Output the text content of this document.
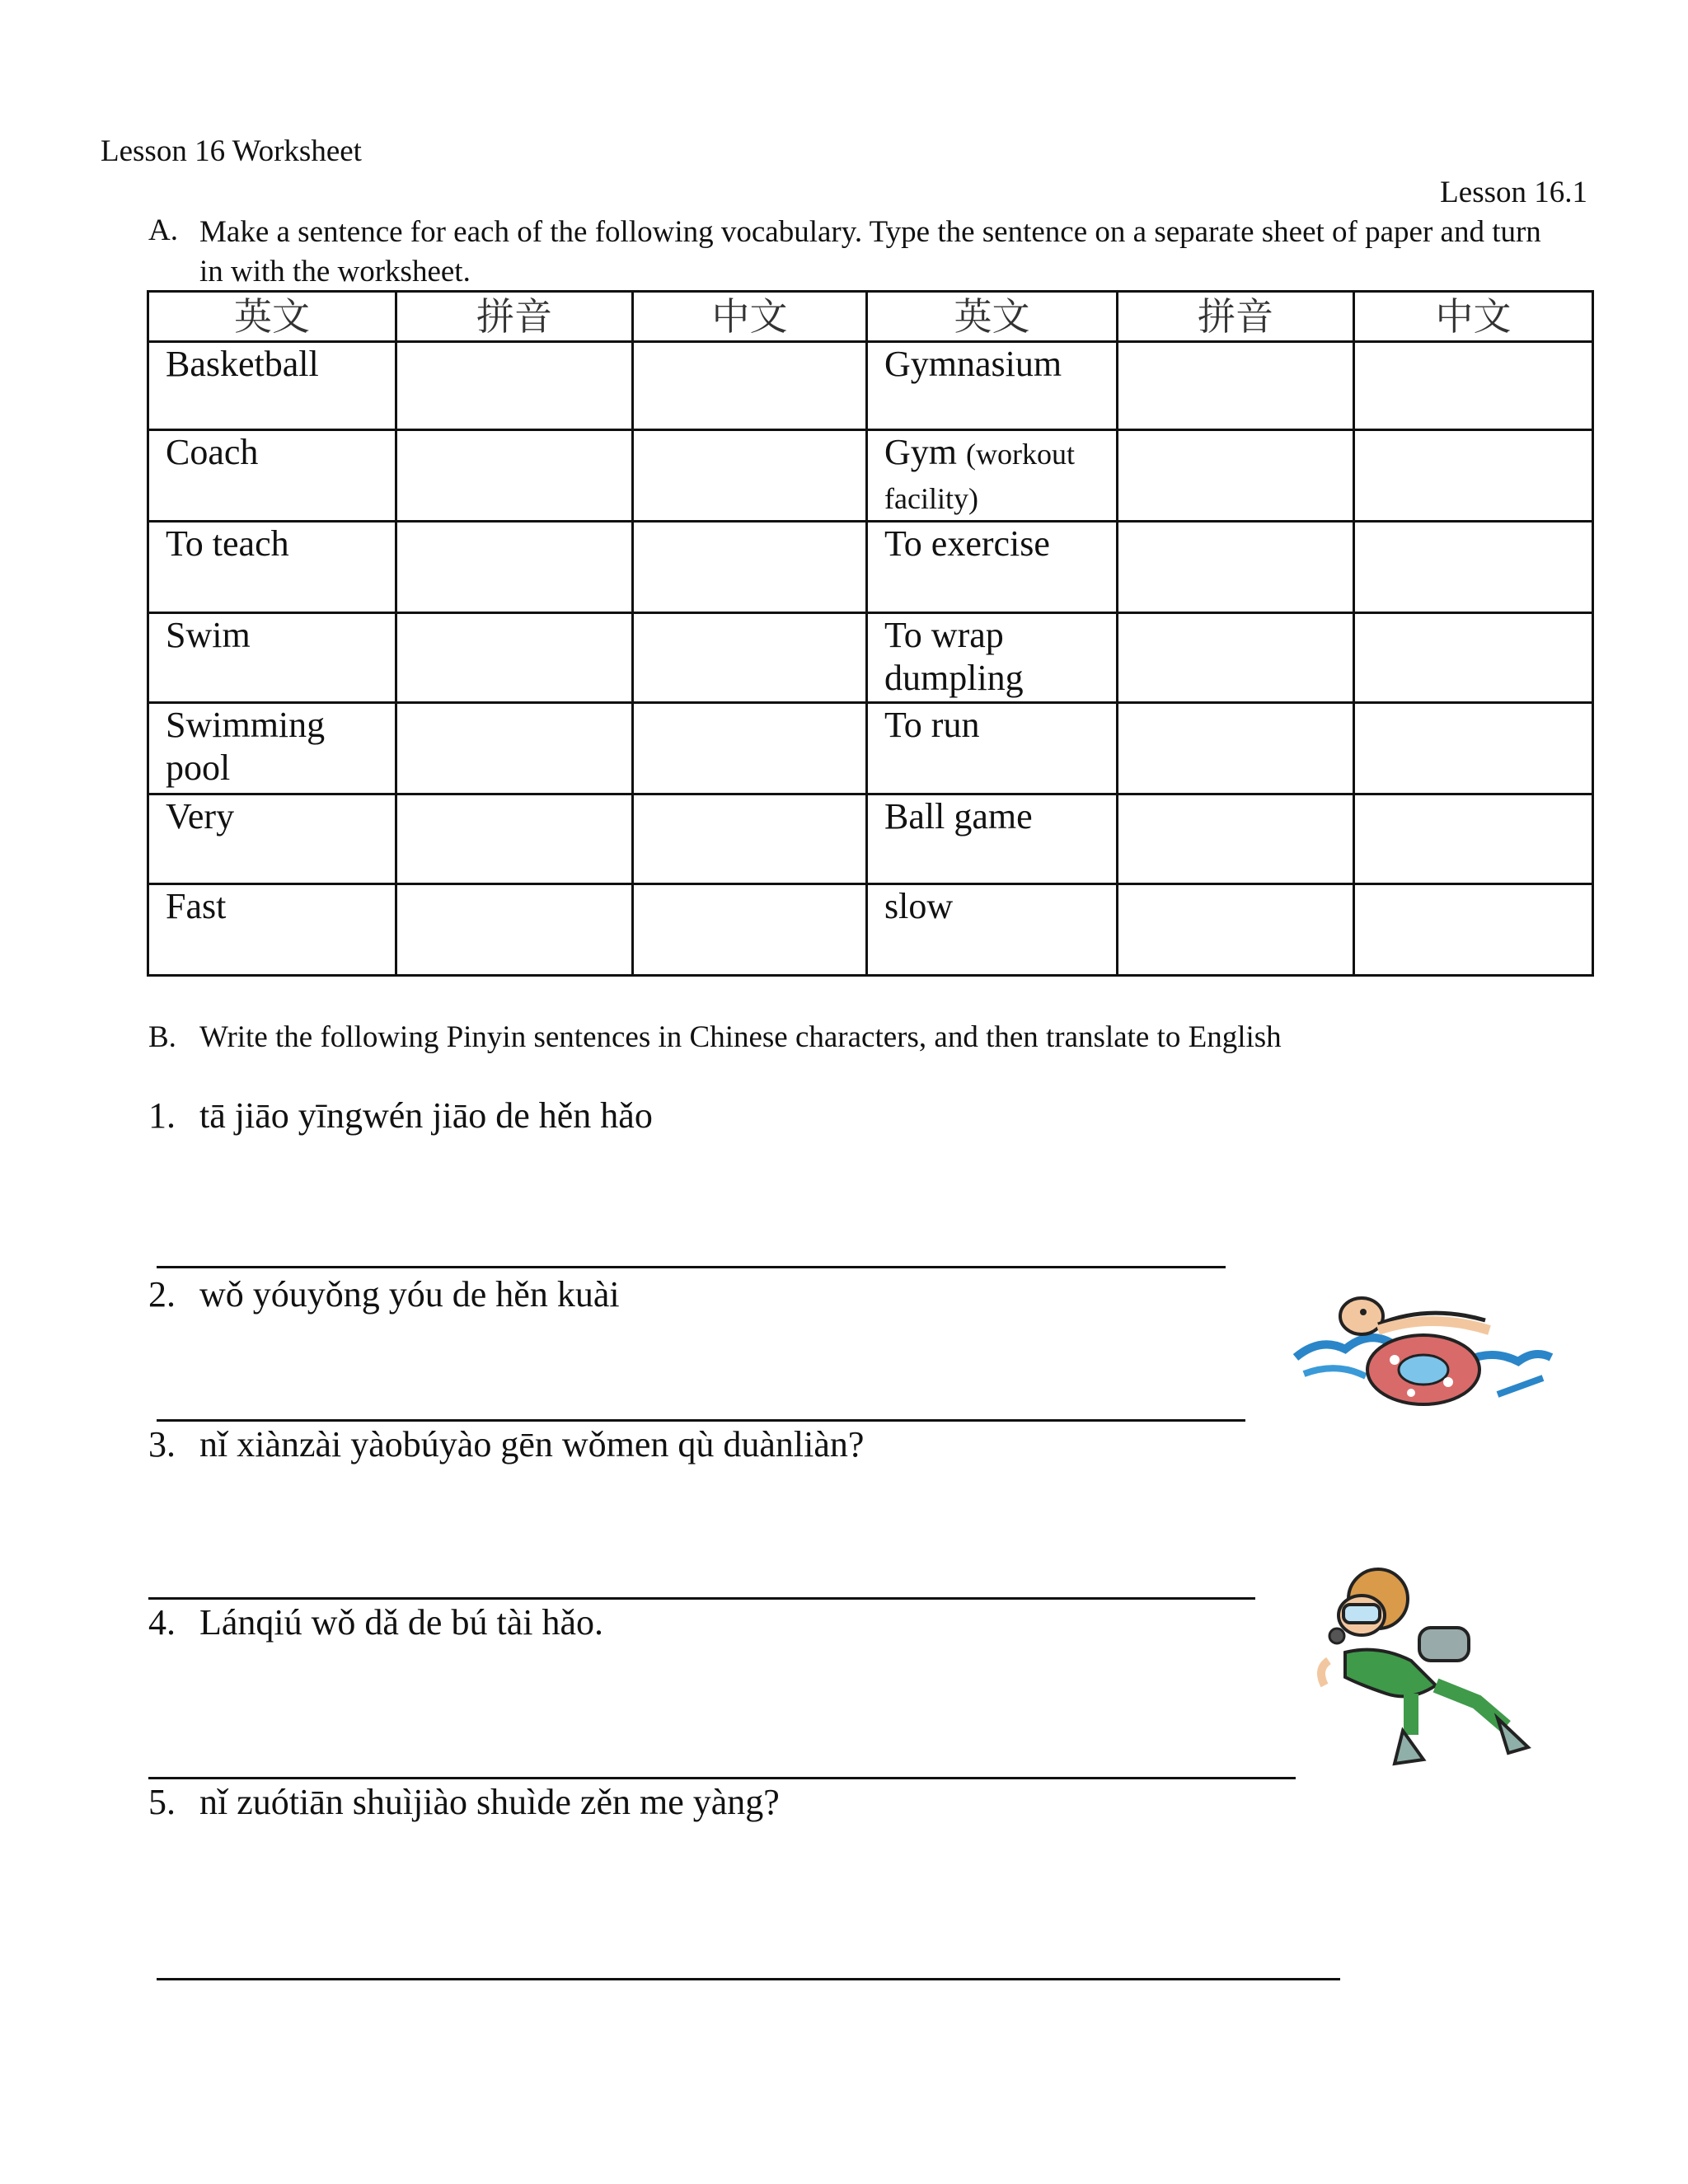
Lesson 16 Worksheet
Lesson 16.1
A. Make a sentence for each of the following vocabulary. Type the sentence on a separate sheet of paper and turn in with the worksheet.
英文	拼音	中文	英文	拼音	中文
Basketball			Gymnasium		
Coach			Gym (workout facility)		
To teach			To exercise		
Swim			To wrap dumpling		
Swimming pool			To run		
Very			Ball game		
Fast			slow		
B. Write the following Pinyin sentences in Chinese characters, and then translate to English
1. tā jiāo yīngwén jiāo de hěn hǎo
2. wǒ yóuyǒng yóu de hěn kuài
3. nǐ xiànzài yàobúyào gēn wǒmen qù duànliàn?
4. Lánqiú wǒ dǎ de bú tài hǎo.
5. nǐ zuótiān shuìjiào shuìde zěn me yàng?
